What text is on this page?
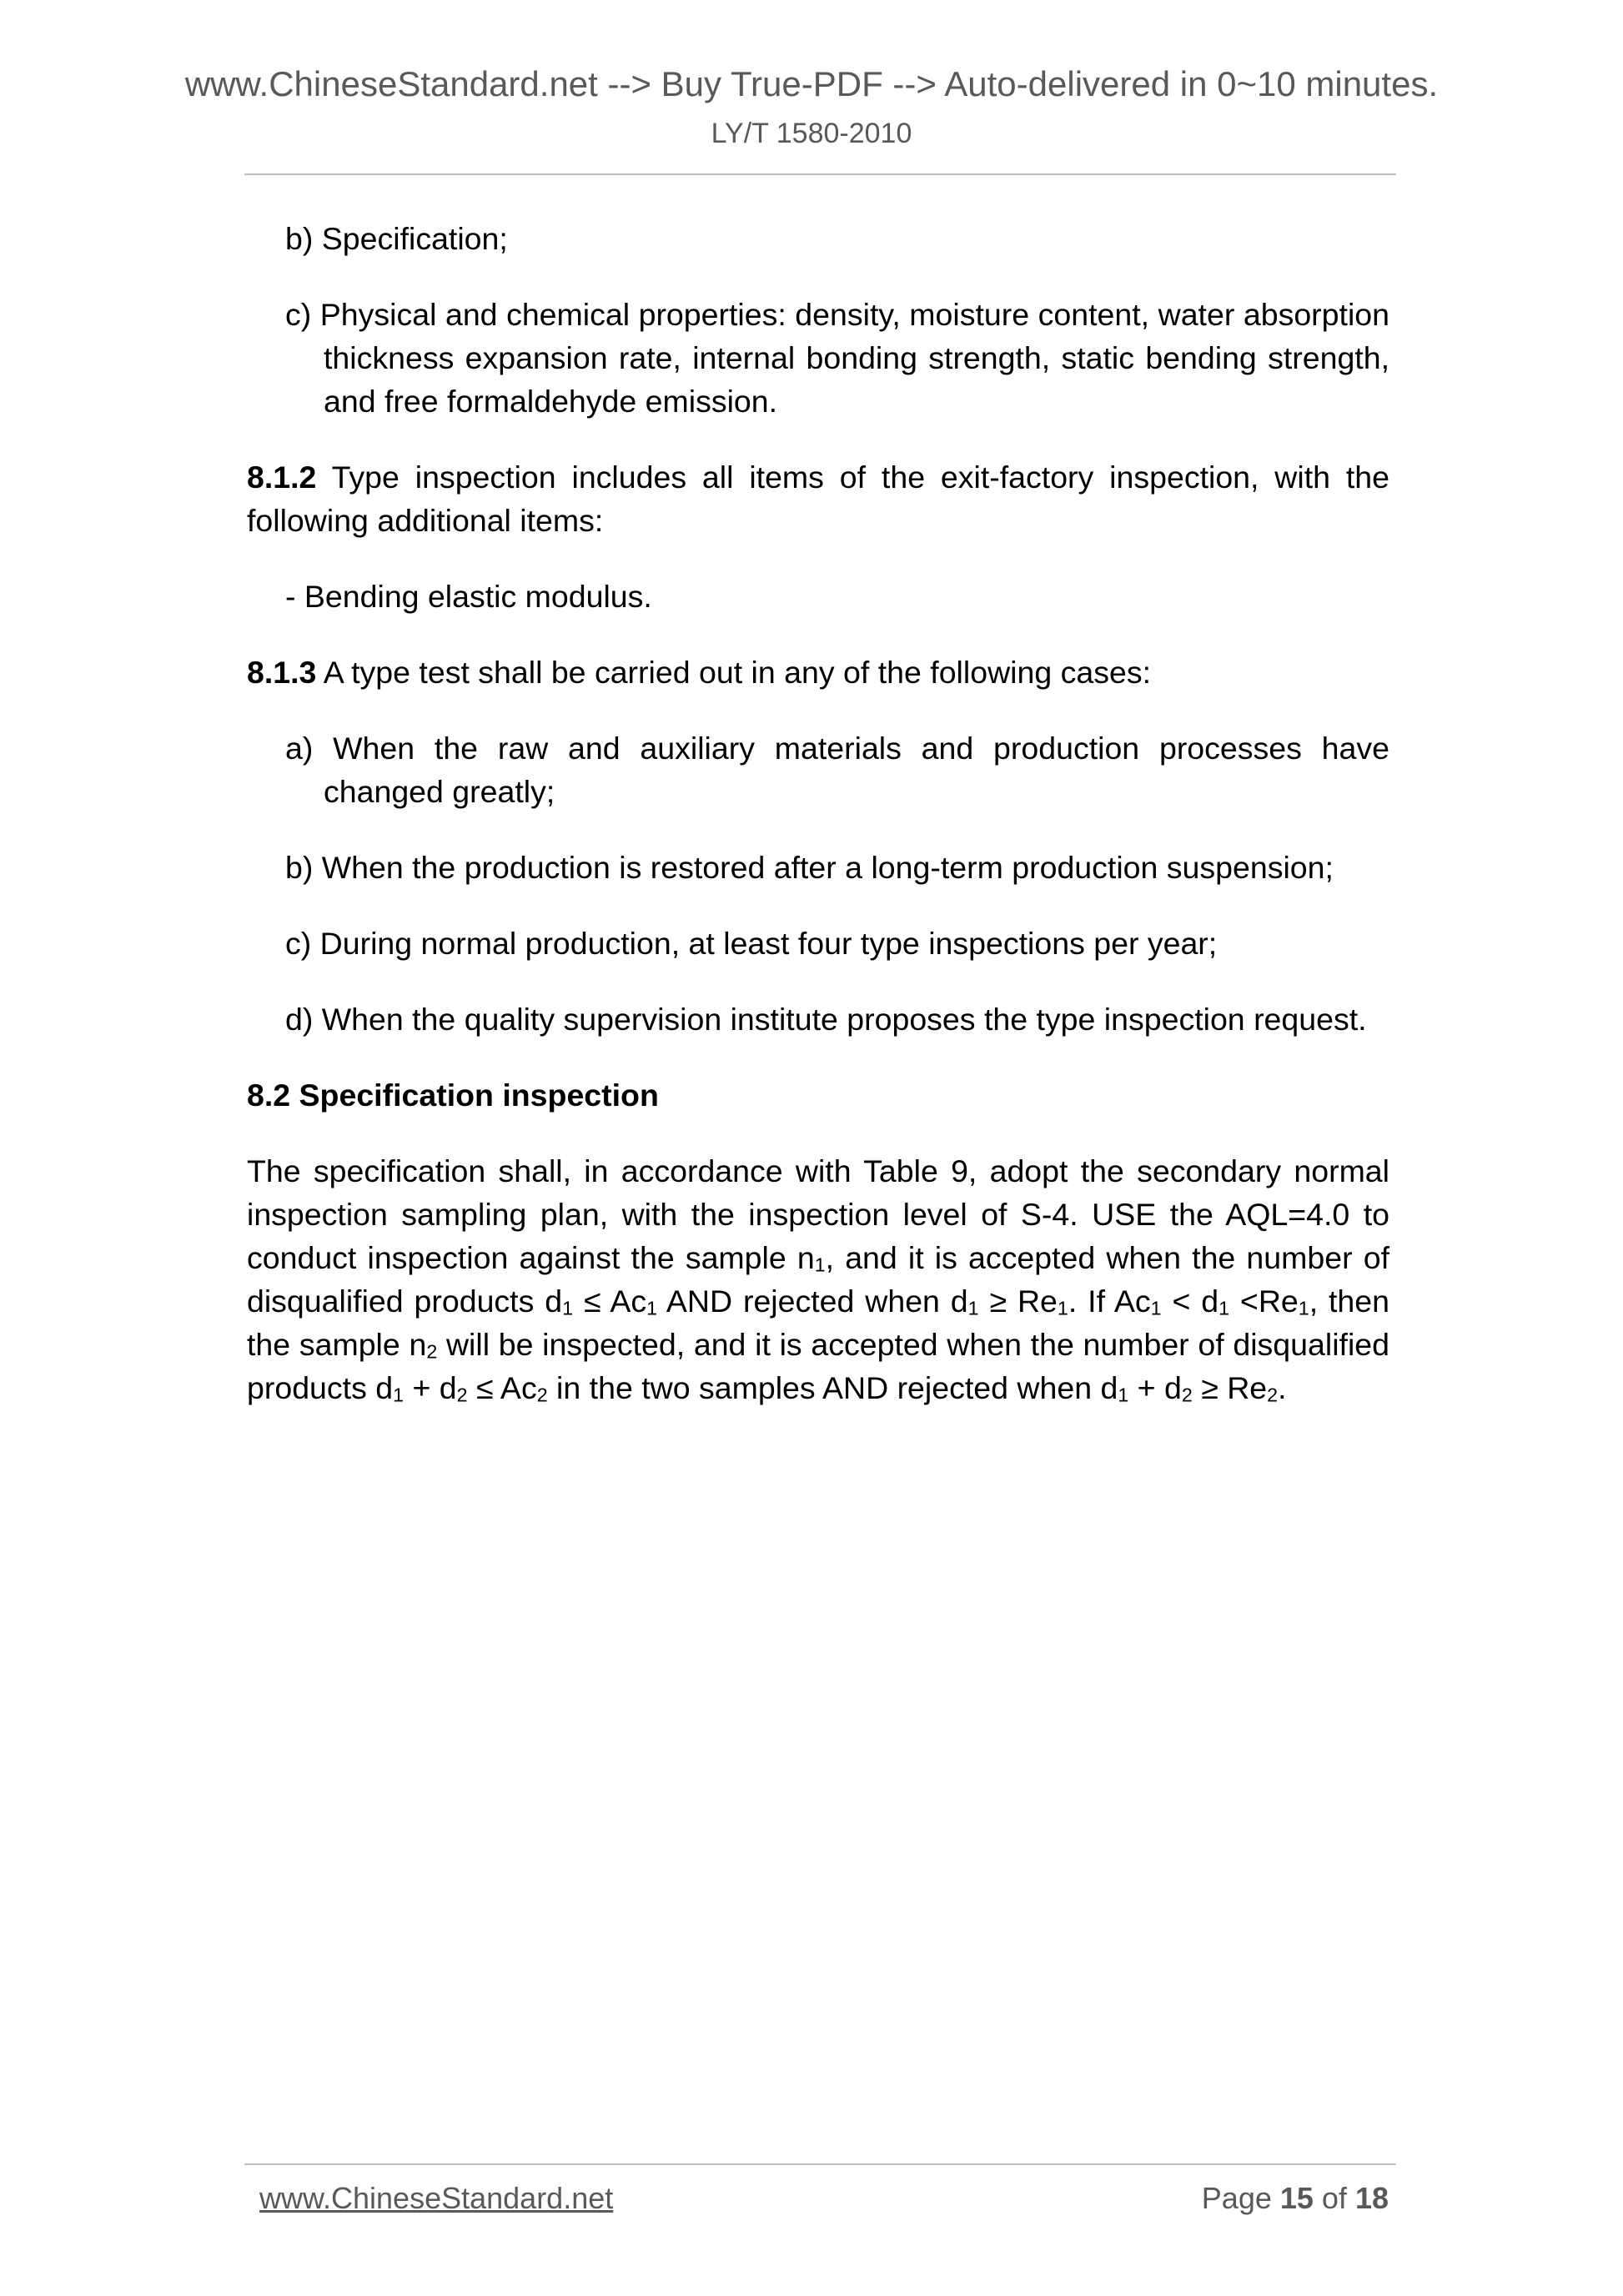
www.ChineseStandard.net --> Buy True-PDF --> Auto-delivered in 0~10 minutes.
LY/T 1580-2010

b) Specification;

c) Physical and chemical properties: density, moisture content, water absorption thickness expansion rate, internal bonding strength, static bending strength, and free formaldehyde emission.

8.1.2 Type inspection includes all items of the exit-factory inspection, with the following additional items:

- Bending elastic modulus.

8.1.3 A type test shall be carried out in any of the following cases:

a) When the raw and auxiliary materials and production processes have changed greatly;

b) When the production is restored after a long-term production suspension;

c) During normal production, at least four type inspections per year;

d) When the quality supervision institute proposes the type inspection request.

8.2 Specification inspection

The specification shall, in accordance with Table 9, adopt the secondary normal inspection sampling plan, with the inspection level of S-4. USE the AQL=4.0 to conduct inspection against the sample $n_1$, and it is accepted when the number of disqualified products $d_1 \le Ac_1$ AND rejected when $d_1 \ge Re_1$. If $Ac_1 < d_1 <Re_1$, then the sample $n_2$ will be inspected, and it is accepted when the number of disqualified products $d_1 + d_2 \le Ac_2$ in the two samples AND rejected when $d_1 + d_2 \ge Re_2$.

www.ChineseStandard.net	Page 15 of 18
